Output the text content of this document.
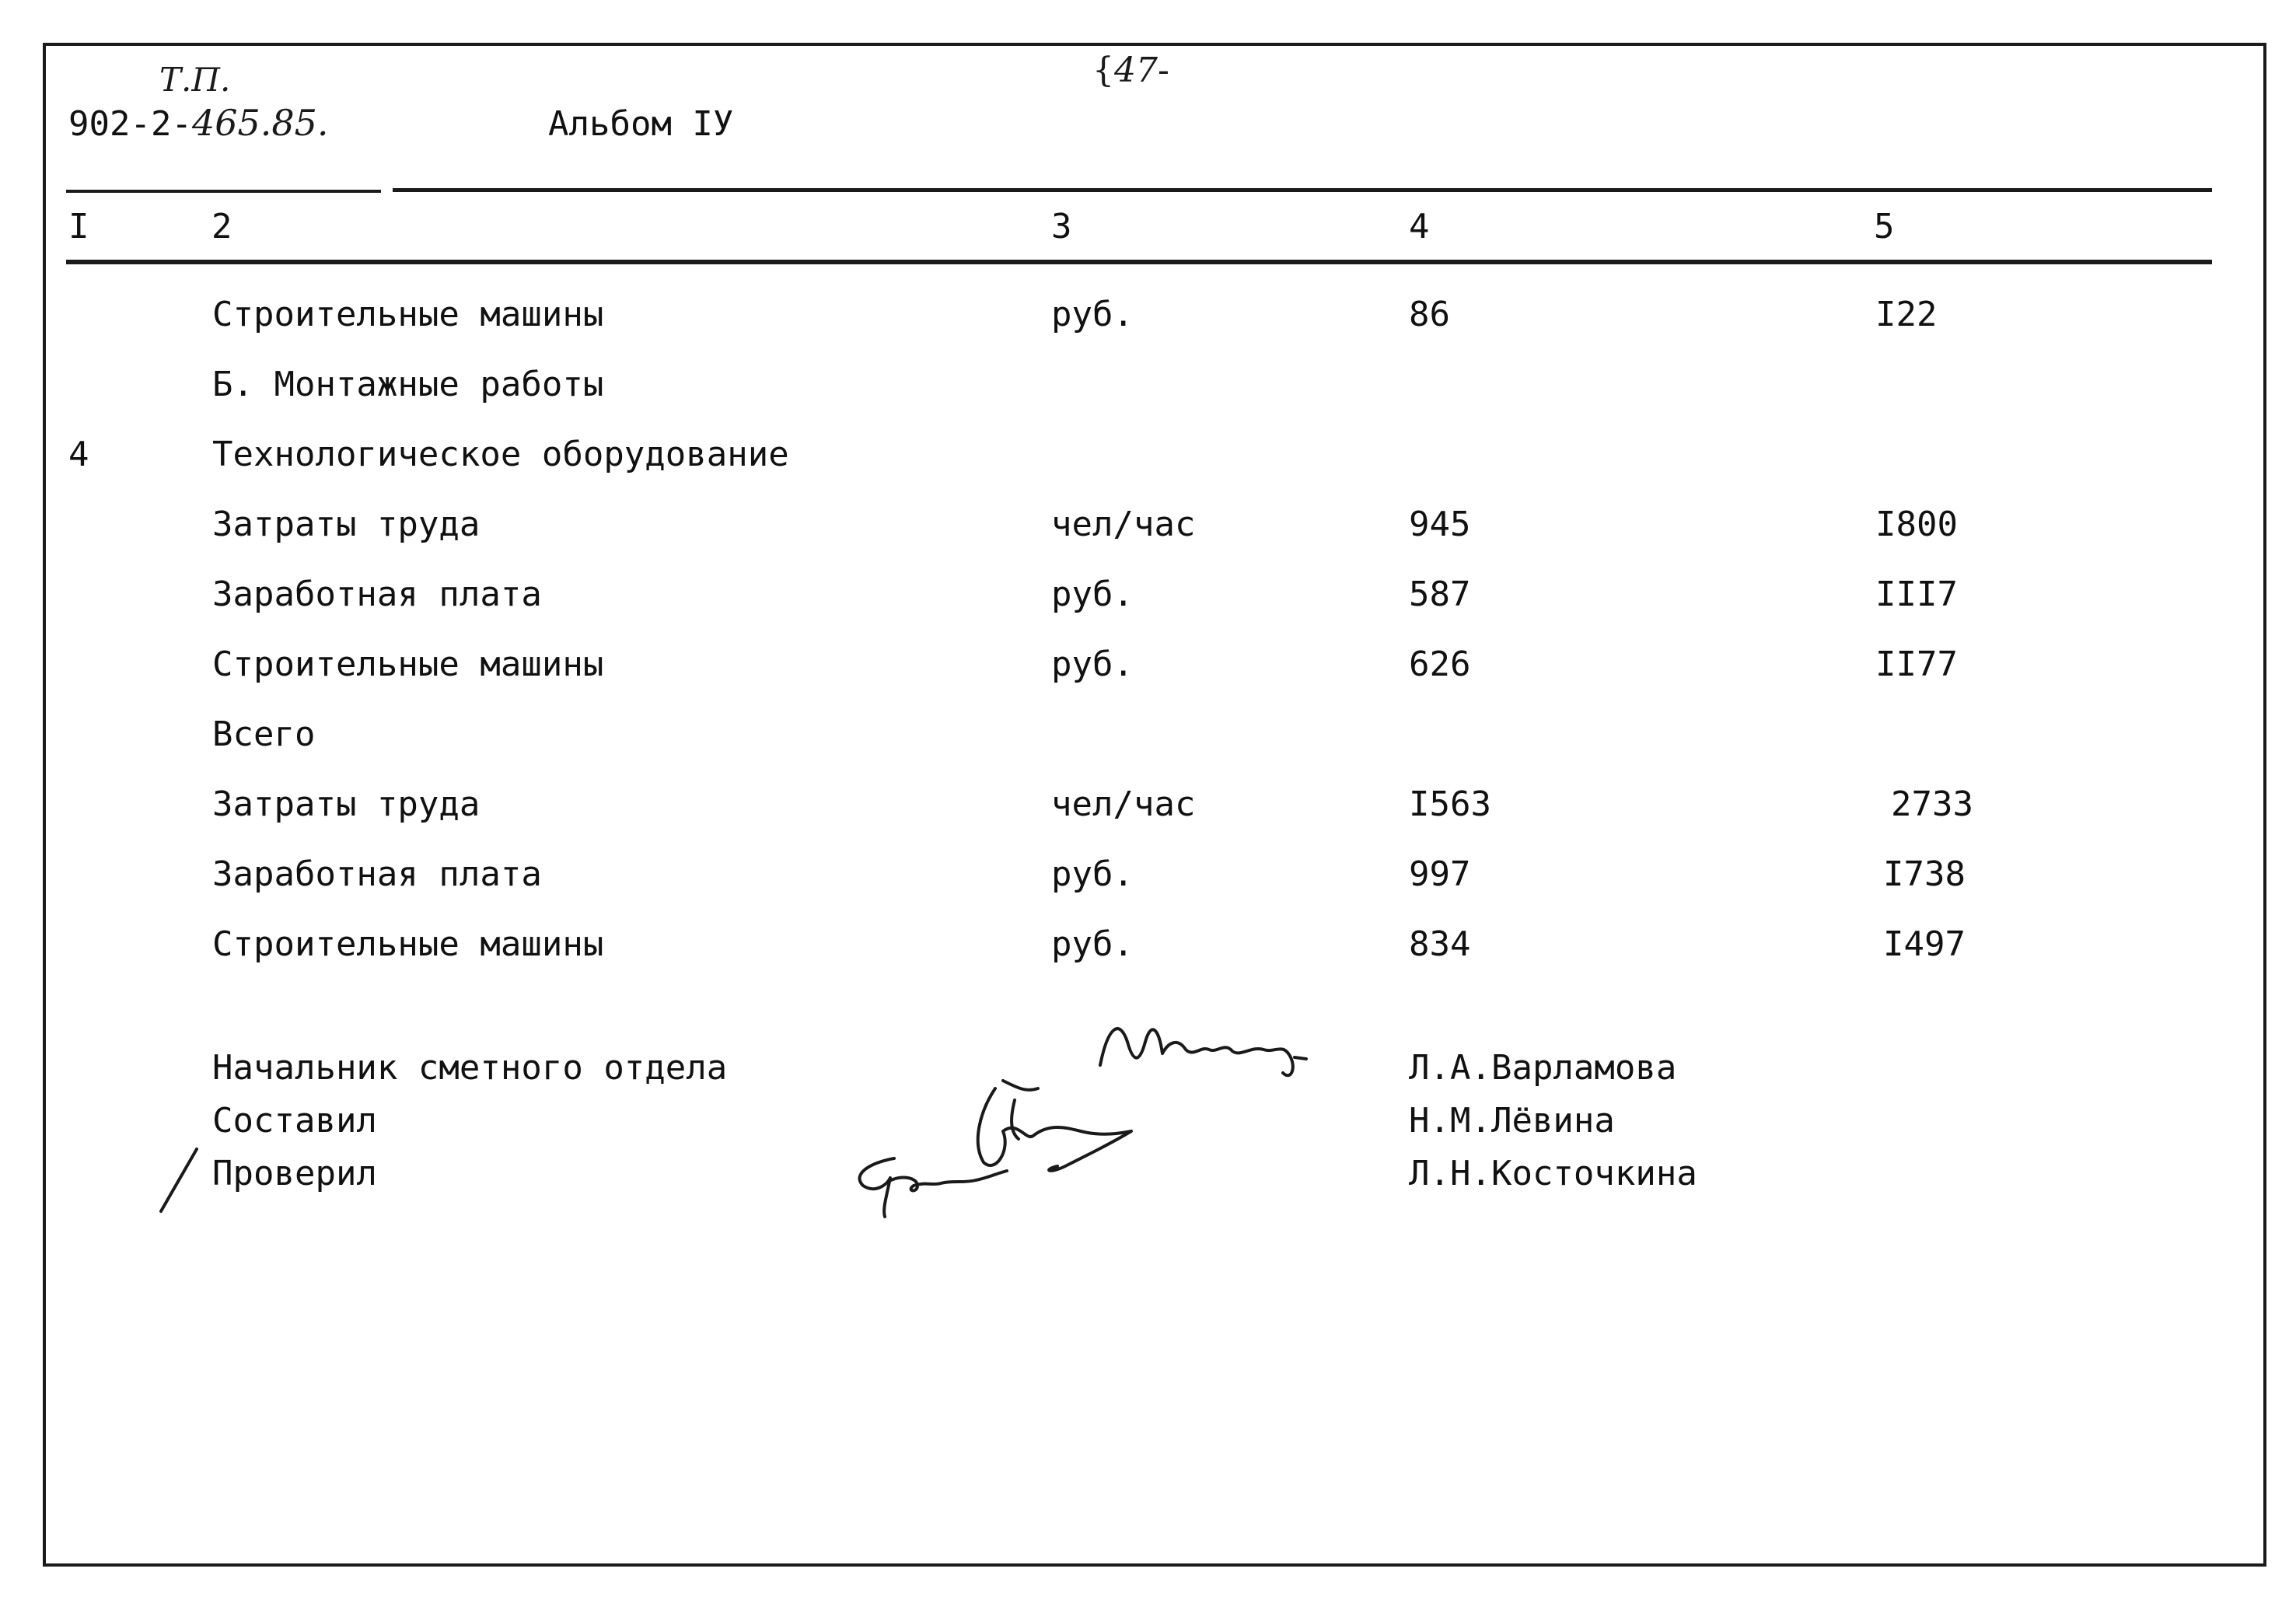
Т.П.
902-2-465.85.	Альбом IУ
{47-
I	2	3	4	5
Строительные машины	руб.	86	I22
Б. Монтажные работы
4	Технологическое оборудование
Затраты труда	чел/час	945	I800
Заработная плата	руб.	587	III7
Строительные машины	руб.	626	II77
Всего
Затраты труда	чел/час	I563	2733
Заработная плата	руб.	997	I738
Строительные машины	руб.	834	I497
Начальник сметного отдела	Л.А.Варламова
Составил	Н.М.Лёвина
Проверил	Л.Н.Косточкина
